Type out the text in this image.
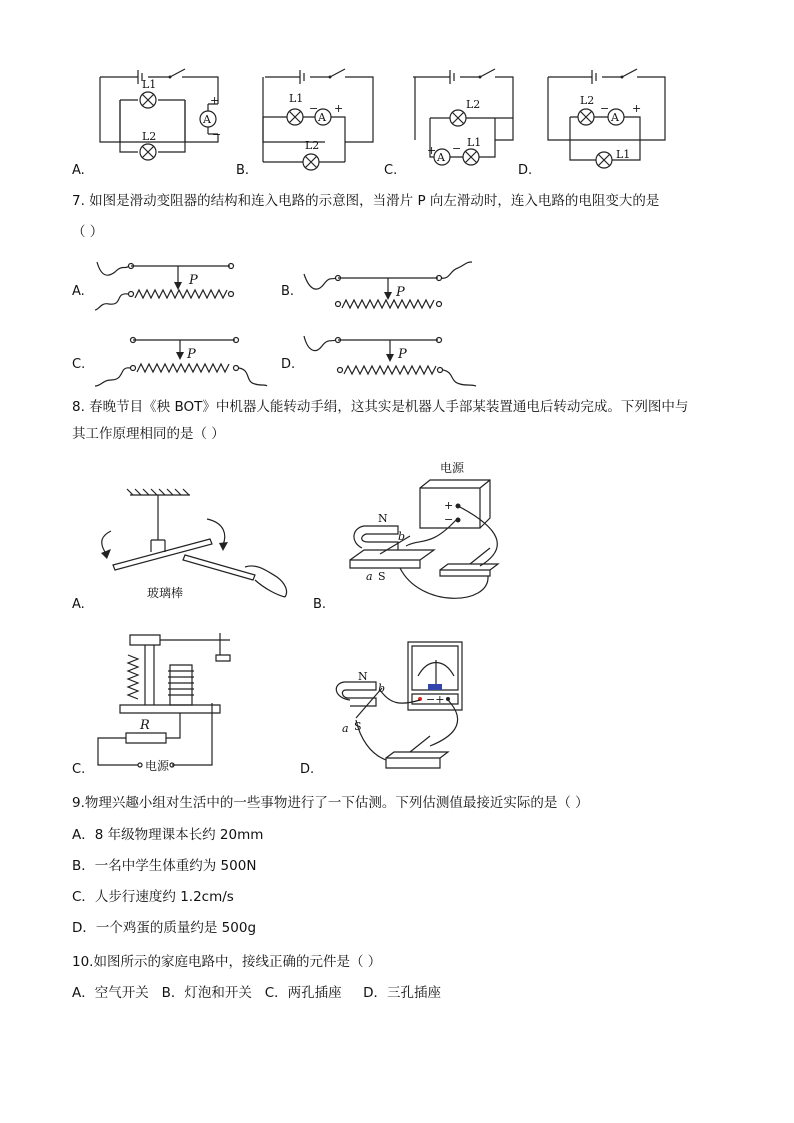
A
+
−
L1
L2
A
− +
L1
L2
A
+ −
L2
L1
A
− +
L2
L1
A.	B.	C.	D.
7. 如图是滑动变阻器的结构和连入电路的示意图，当滑片 P 向左滑动时，连入电路的电阻变大的是
（ ）
P
A.	P
B.
P
C.
P
D.
8. 春晚节目《秧 BOT》中机器人能转动手绢，这其实是机器人手部某装置通电后转动完成。下列图中与
其工作原理相同的是（ ）
玻璃棒
A.
电源
+
−
N
S
a
b
B.
R
电源
C.
−+
N
S
a
b
D.
9.物理兴趣小组对生活中的一些事物进行了一下估测。下列估测值最接近实际的是（ ）
A．8 年级物理课本长约 20mm
B．一名中学生体重约为 500N
C．人步行速度约 1.2cm/s
D．一个鸡蛋的质量约是 500g
10.如图所示的家庭电路中，接线正确的元件是（ ）
A．空气开关   B．灯泡和开关   C．两孔插座     D．三孔插座
